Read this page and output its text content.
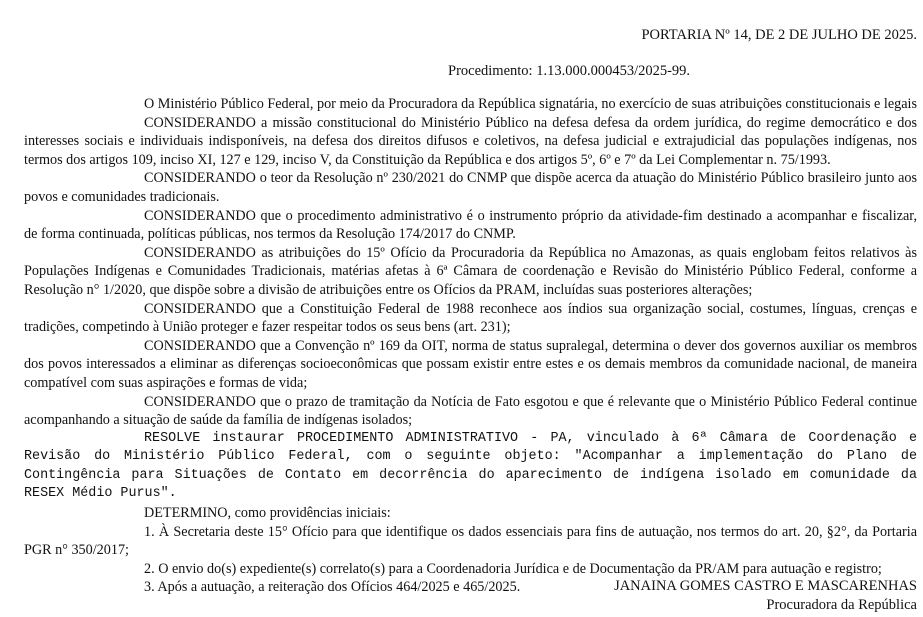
PORTARIA Nº 14, DE 2 DE JULHO DE 2025.
Procedimento: 1.13.000.000453/2025-99.

O Ministério Público Federal, por meio da Procuradora da República signatária, no exercício de suas atribuições constitucionais e legais

CONSIDERANDO a missão constitucional do Ministério Público na defesa defesa da ordem jurídica, do regime democrático e dos interesses sociais e individuais indisponíveis, na defesa dos direitos difusos e coletivos, na defesa judicial e extrajudicial das populações indígenas, nos termos dos artigos 109, inciso XI, 127 e 129, inciso V, da Constituição da República e dos artigos 5º, 6º e 7º da Lei Complementar n. 75/1993.

CONSIDERANDO o teor da Resolução nº 230/2021 do CNMP que dispõe acerca da atuação do Ministério Público brasileiro junto aos povos e comunidades tradicionais.

CONSIDERANDO que o procedimento administrativo é o instrumento próprio da atividade-fim destinado a acompanhar e fiscalizar, de forma continuada, políticas públicas, nos termos da Resolução 174/2017 do CNMP.

CONSIDERANDO as atribuições do 15º Ofício da Procuradoria da República no Amazonas, as quais englobam feitos relativos às Populações Indígenas e Comunidades Tradicionais, matérias afetas à 6ª Câmara de coordenação e Revisão do Ministério Público Federal, conforme a Resolução n° 1/2020, que dispõe sobre a divisão de atribuições entre os Ofícios da PRAM, incluídas suas posteriores alterações;

CONSIDERANDO que a Constituição Federal de 1988 reconhece aos índios sua organização social, costumes, línguas, crenças e tradições, competindo à União proteger e fazer respeitar todos os seus bens (art. 231);

CONSIDERANDO que a Convenção nº 169 da OIT, norma de status supralegal, determina o dever dos governos auxiliar os membros dos povos interessados a eliminar as diferenças socioeconômicas que possam existir entre estes e os demais membros da comunidade nacional, de maneira compatível com suas aspirações e formas de vida;

CONSIDERANDO que o prazo de tramitação da Notícia de Fato esgotou e que é relevante que o Ministério Público Federal continue acompanhando a situação de saúde da família de indígenas isolados;

RESOLVE instaurar PROCEDIMENTO ADMINISTRATIVO - PA, vinculado à 6ª Câmara de Coordenação e Revisão do Ministério Público Federal, com o seguinte objeto: "Acompanhar a implementação do Plano de Contingência para Situações de Contato em decorrência do aparecimento de indígena isolado em comunidade da RESEX Médio Purus".

DETERMINO, como providências iniciais:

1. À Secretaria deste 15° Ofício para que identifique os dados essenciais para fins de autuação, nos termos do art. 20, §2°, da Portaria PGR n° 350/2017;

2. O envio do(s) expediente(s) correlato(s) para a Coordenadoria Jurídica e de Documentação da PR/AM para autuação e registro;

3. Após a autuação, a reiteração dos Ofícios 464/2025 e 465/2025.	JANAINA GOMES CASTRO E MASCARENHAS
Procuradora da República
